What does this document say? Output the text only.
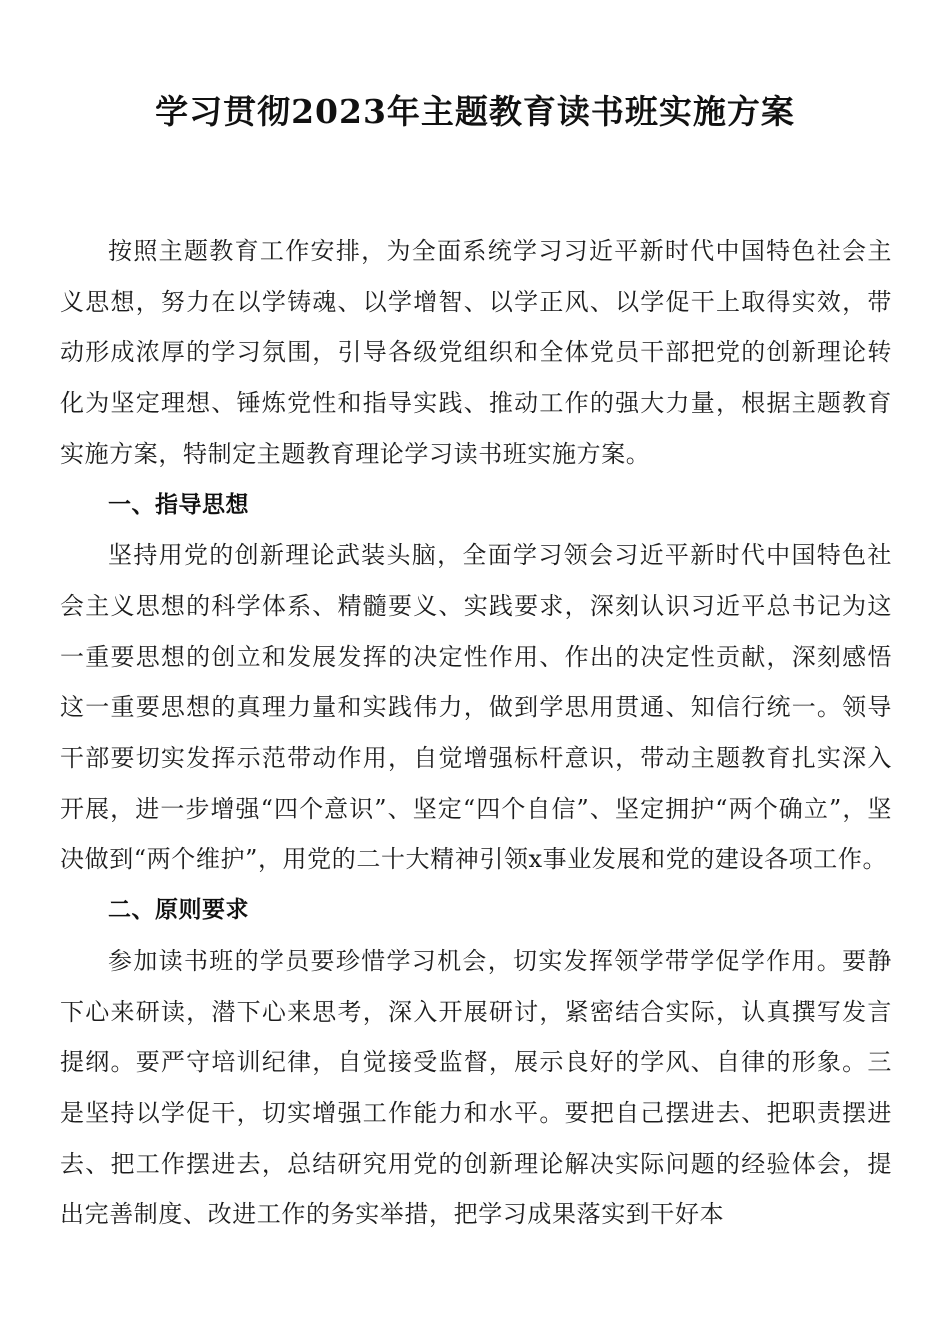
学习贯彻2023年主题教育读书班实施方案

按照主题教育工作安排，为全面系统学习习近平新时代中国特色社会主义思想，努力在以学铸魂、以学增智、以学正风、以学促干上取得实效，带动形成浓厚的学习氛围，引导各级党组织和全体党员干部把党的创新理论转化为坚定理想、锤炼党性和指导实践、推动工作的强大力量，根据主题教育实施方案，特制定主题教育理论学习读书班实施方案。

一、指导思想

坚持用党的创新理论武装头脑，全面学习领会习近平新时代中国特色社会主义思想的科学体系、精髓要义、实践要求，深刻认识习近平总书记为这一重要思想的创立和发展发挥的决定性作用、作出的决定性贡献，深刻感悟这一重要思想的真理力量和实践伟力，做到学思用贯通、知信行统一。领导干部要切实发挥示范带动作用，自觉增强标杆意识，带动主题教育扎实深入开展，进一步增强“四个意识”、坚定“四个自信”、坚定拥护“两个确立”，坚决做到“两个维护”，用党的二十大精神引领x事业发展和党的建设各项工作。

二、原则要求

参加读书班的学员要珍惜学习机会，切实发挥领学带学促学作用。要静下心来研读，潜下心来思考，深入开展研讨，紧密结合实际，认真撰写发言提纲。要严守培训纪律，自觉接受监督，展示良好的学风、自律的形象。三是坚持以学促干，切实增强工作能力和水平。要把自己摆进去、把职责摆进去、把工作摆进去，总结研究用党的创新理论解决实际问题的经验体会，提出完善制度、改进工作的务实举措，把学习成果落实到干好本
